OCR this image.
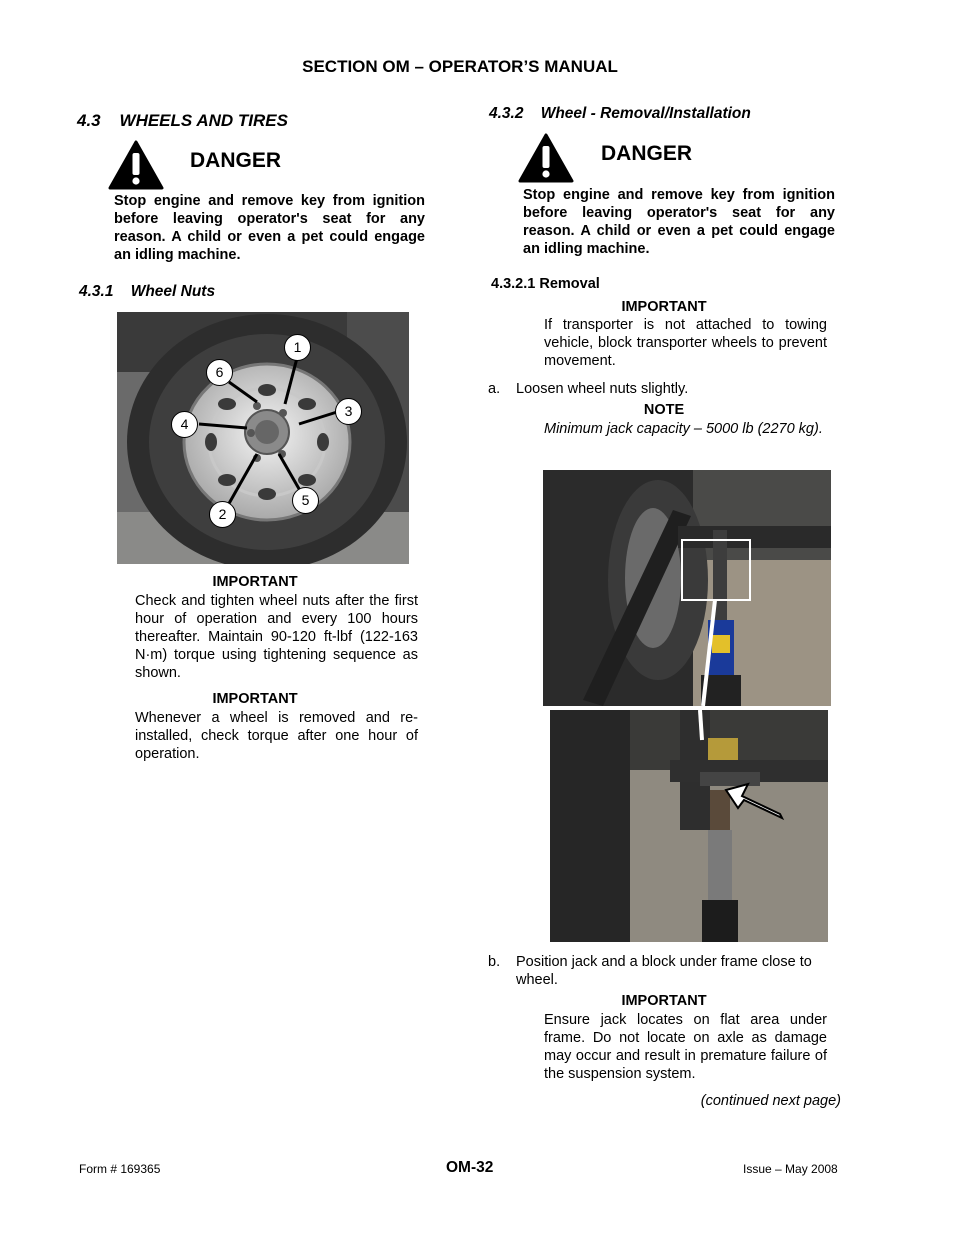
SECTION OM – OPERATOR’S MANUAL
4.3    WHEELS AND TIRES
DANGER
Stop engine and remove key from ignition before leaving operator's seat for any reason. A child or even a pet could engage an idling machine.
4.3.1    Wheel Nuts
1
6
3
4
5
2
IMPORTANT
Check and tighten wheel nuts after the first hour of operation and every 100 hours thereafter. Maintain 90-120 ft-lbf (122-163 N·m) torque using tightening sequence as shown.
IMPORTANT
Whenever a wheel is removed and re-installed, check torque after one hour of operation.
4.3.2    Wheel - Removal/Installation
DANGER
Stop engine and remove key from ignition before leaving operator's seat for any reason. A child or even a pet could engage an idling machine.
4.3.2.1 Removal
IMPORTANT
If transporter is not attached to towing vehicle, block transporter wheels to prevent movement.
a. Loosen wheel nuts slightly.
NOTE
Minimum jack capacity – 5000 lb (2270 kg).
b. Position jack and a block under frame close to wheel.
IMPORTANT
Ensure jack locates on flat area under frame. Do not locate on axle as damage may occur and result in premature failure of the suspension system.
(continued next page)
Form # 169365	OM-32	Issue – May 2008
